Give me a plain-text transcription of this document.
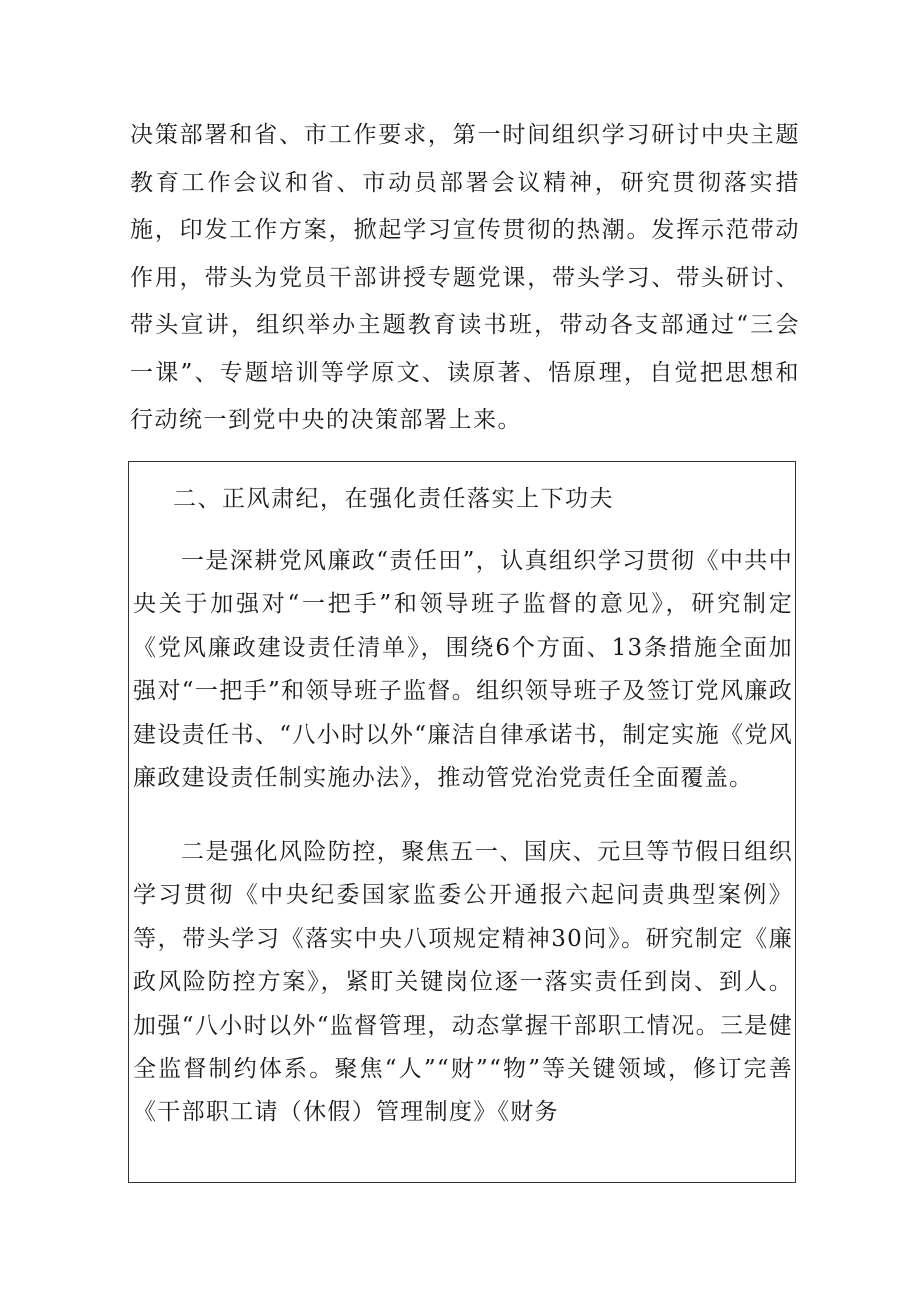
决策部署和省、市工作要求，第一时间组织学习研讨中央主题教育工作会议和省、市动员部署会议精神，研究贯彻落实措施，印发工作方案，掀起学习宣传贯彻的热潮。发挥示范带动作用，带头为党员干部讲授专题党课，带头学习、带头研讨、带头宣讲，组织举办主题教育读书班，带动各支部通过“三会一课”、专题培训等学原文、读原著、悟原理，自觉把思想和行动统一到党中央的决策部署上来。

二、正风肃纪，在强化责任落实上下功夫

一是深耕党风廉政“责任田”，认真组织学习贯彻《中共中央关于加强对“一把手”和领导班子监督的意见》，研究制定《党风廉政建设责任清单》，围绕6个方面、13条措施全面加强对“一把手”和领导班子监督。组织领导班子及签订党风廉政建设责任书、“八小时以外“廉洁自律承诺书，制定实施《党风廉政建设责任制实施办法》，推动管党治党责任全面覆盖。

二是强化风险防控，聚焦五一、国庆、元旦等节假日组织学习贯彻《中央纪委国家监委公开通报六起问责典型案例》等，带头学习《落实中央八项规定精神30问》。研究制定《廉政风险防控方案》，紧盯关键岗位逐一落实责任到岗、到人。加强“八小时以外“监督管理，动态掌握干部职工情况。三是健全监督制约体系。聚焦“人”“财”“物”等关键领域，修订完善《干部职工请（休假）管理制度》《财务
